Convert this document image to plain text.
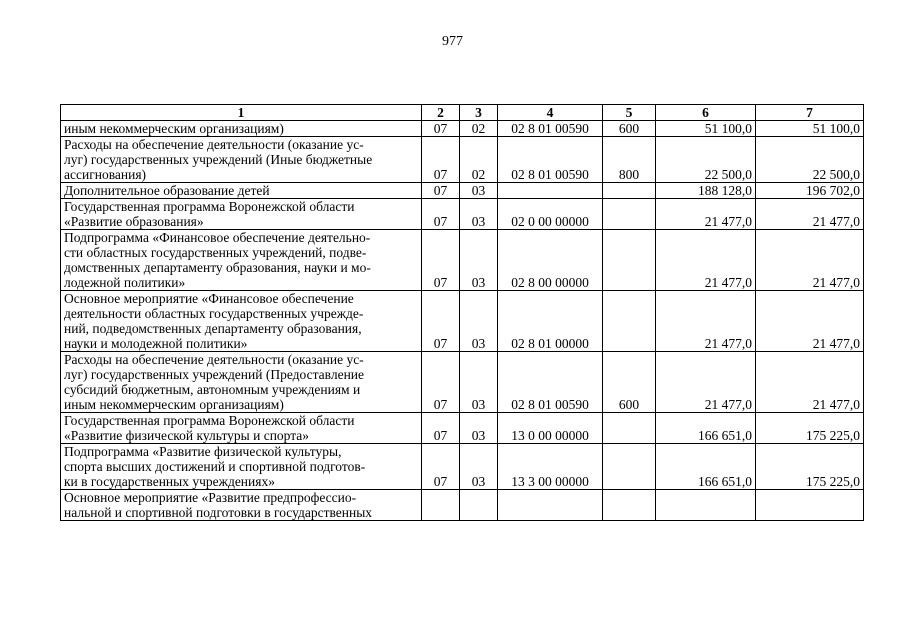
977
1	2	3	4	5	6	7

иным некоммерческим организациям)	07	02	02 8 01 00590	600	51 100,0	51 100,0

Расходы на обеспечение деятельности (оказание ус-
луг) государственных учреждений (Иные бюджетные
ассигнования)	07	02	02 8 01 00590	800	22 500,0	22 500,0

Дополнительное образование детей	07	03			188 128,0	196 702,0

Государственная программа Воронежской области
«Развитие образования»	07	03	02 0 00 00000		21 477,0	21 477,0

Подпрограмма «Финансовое обеспечение деятельно-
сти областных государственных учреждений, подве-
домственных департаменту образования, науки и мо-
лодежной политики»	07	03	02 8 00 00000		21 477,0	21 477,0

Основное мероприятие «Финансовое обеспечение
деятельности областных государственных учрежде-
ний, подведомственных департаменту образования,
науки и молодежной политики»	07	03	02 8 01 00000		21 477,0	21 477,0

Расходы на обеспечение деятельности (оказание ус-
луг) государственных учреждений (Предоставление
субсидий бюджетным, автономным учреждениям и
иным некоммерческим организациям)	07	03	02 8 01 00590	600	21 477,0	21 477,0

Государственная программа Воронежской области
«Развитие физической культуры и спорта»	07	03	13 0 00 00000		166 651,0	175 225,0

Подпрограмма «Развитие физической культуры,
спорта высших достижений и спортивной подготов-
ки в государственных учреждениях»	07	03	13 3 00 00000		166 651,0	175 225,0

Основное мероприятие «Развитие предпрофессио-
нальной и спортивной подготовки в государственных						
